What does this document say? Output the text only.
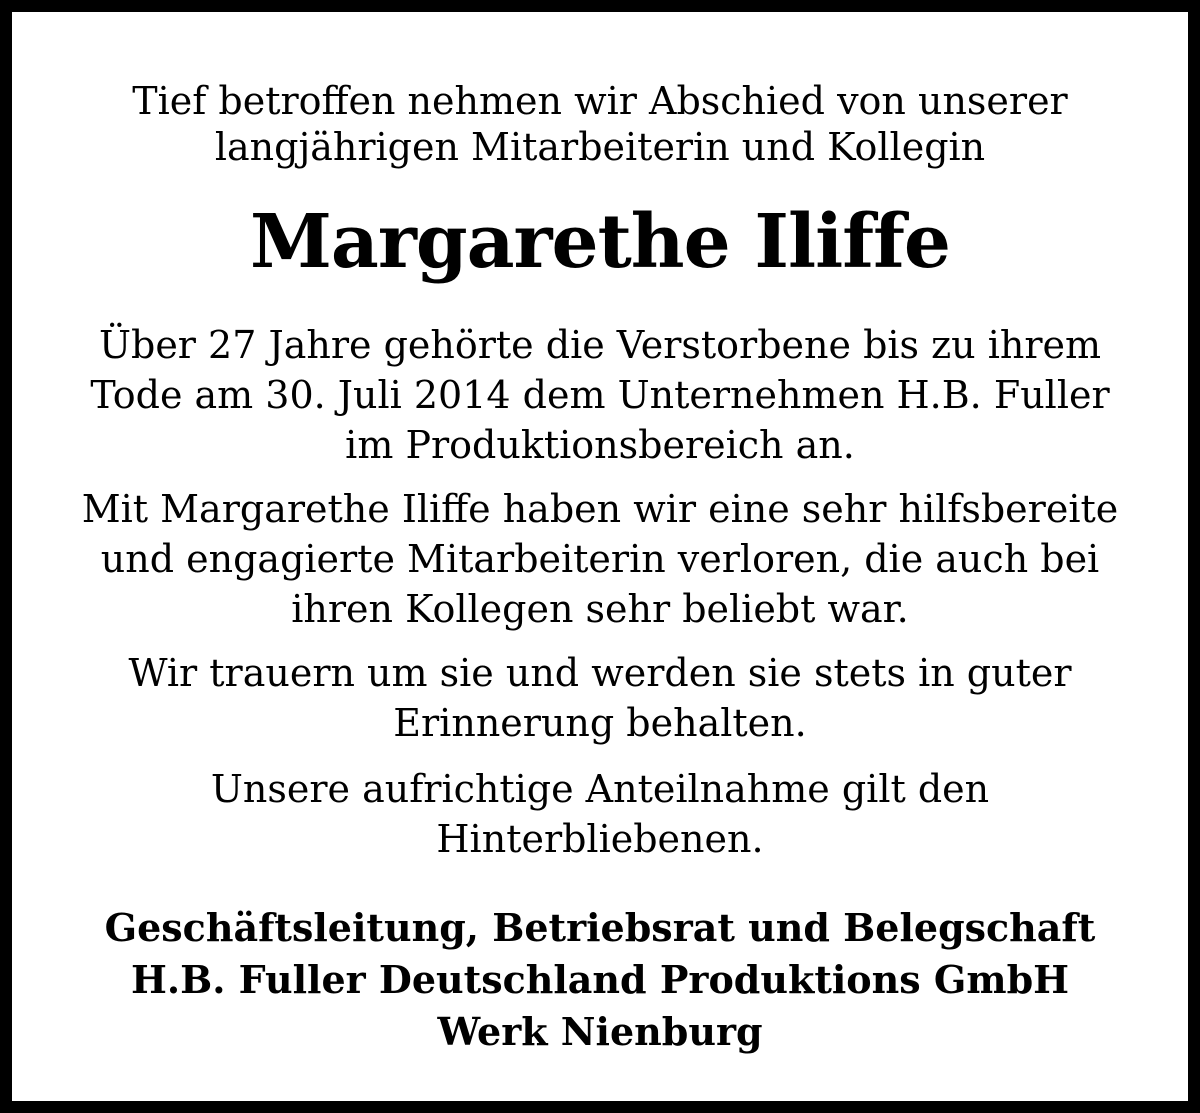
Tief betroffen nehmen wir Abschied von unserer
langjährigen Mitarbeiterin und Kollegin
Margarethe Iliffe
Über 27 Jahre gehörte die Verstorbene bis zu ihrem
Tode am 30. Juli 2014 dem Unternehmen H.B. Fuller
im Produktionsbereich an.
Mit Margarethe Iliffe haben wir eine sehr hilfsbereite
und engagierte Mitarbeiterin verloren, die auch bei
ihren Kollegen sehr beliebt war.
Wir trauern um sie und werden sie stets in guter
Erinnerung behalten.
Unsere aufrichtige Anteilnahme gilt den
Hinterbliebenen.
Geschäftsleitung, Betriebsrat und Belegschaft
H.B. Fuller Deutschland Produktions GmbH
Werk Nienburg
